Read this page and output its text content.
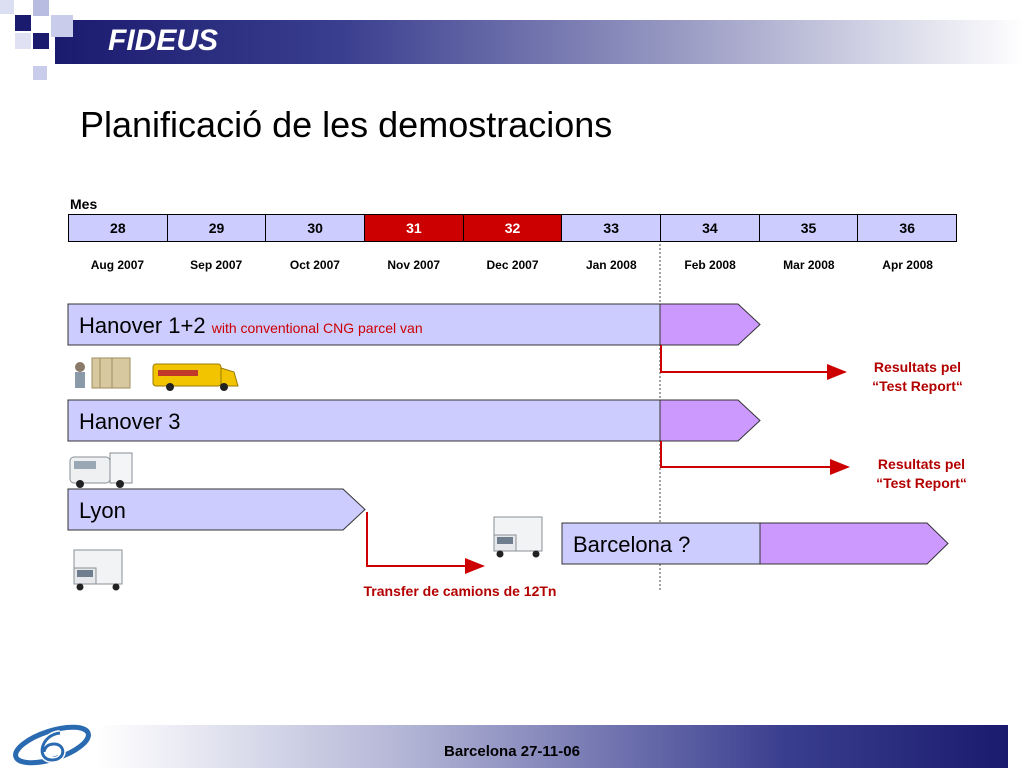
FIDEUS
Planificació de les demostracions
Mes
28	29	30	31	32	33	34	35	36
Aug 2007	Sep 2007	Oct 2007	Nov 2007	Dec 2007	Jan 2008	Feb 2008	Mar 2008	Apr 2008
Hanover 1+2 with conventional CNG parcel van
Hanover 3
Lyon
Barcelona ?
Resultats pel
“Test Report“
Resultats pel
“Test Report“
Transfer de camions de 12Tn
Barcelona 27-11-06
